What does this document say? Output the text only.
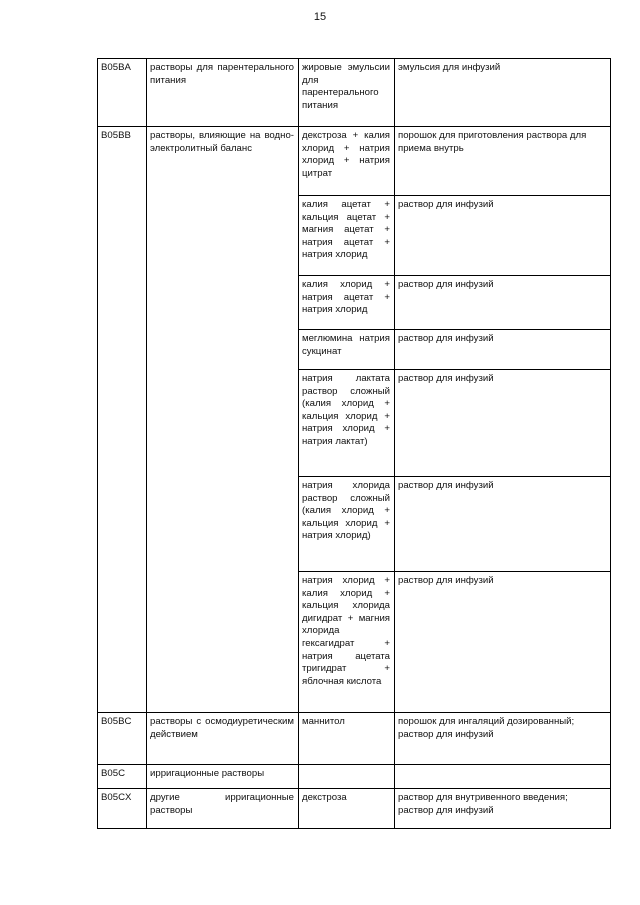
15
B05BA	растворы для парентерального питания	жировые эмульсии для парентерального питания	эмульсия для инфузий
B05BB	растворы, влияющие на водно-электролитный баланс	декстроза + калия хлорид + натрия хлорид + натрия цитрат	порошок для приготовления раствора для приема внутрь
		калия ацетат + кальция ацетат + магния ацетат + натрия ацетат + натрия хлорид	раствор для инфузий
		калия хлорид + натрия ацетат + натрия хлорид	раствор для инфузий
		меглюмина натрия сукцинат	раствор для инфузий
		натрия лактата раствор сложный (калия хлорид + кальция хлорид + натрия хлорид + натрия лактат)	раствор для инфузий
		натрия хлорида раствор сложный (калия хлорид + кальция хлорид + натрия хлорид)	раствор для инфузий
		натрия хлорид + калия хлорид + кальция хлорида дигидрат + магния хлорида гексагидрат + натрия ацетата тригидрат + яблочная кислота	раствор для инфузий
B05BC	растворы с осмодиуретическим действием	маннитол	порошок для ингаляций дозированный;
раствор для инфузий

B05C	ирригационные растворы		
B05CX	другие ирригационные растворы	декстроза	раствор для внутривенного введения;
раствор для инфузий
